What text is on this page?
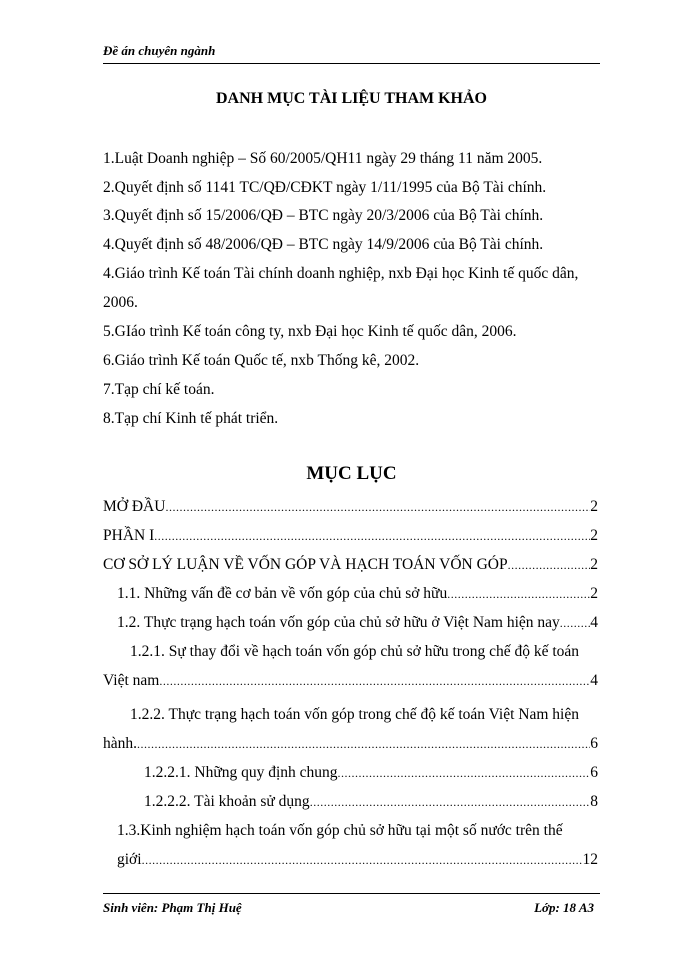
Đề án chuyên ngành
DANH MỤC TÀI LIỆU THAM KHẢO
1.Luật Doanh nghiệp – Số 60/2005/QH11 ngày 29 tháng 11 năm 2005.
2.Quyết định số 1141 TC/QĐ/CĐKT ngày 1/11/1995 của Bộ Tài chính.
3.Quyết định số 15/2006/QĐ – BTC ngày 20/3/2006 của Bộ Tài chính.
4.Quyết định số 48/2006/QĐ – BTC ngày 14/9/2006 của Bộ Tài chính.
4.Giáo trình Kế toán Tài chính doanh nghiệp, nxb Đại học Kinh tế quốc dân,
2006.
5.GIáo trình Kế toán công ty, nxb Đại học Kinh tế quốc dân, 2006.
6.Giáo trình Kế toán Quốc tế, nxb Thống kê, 2002.
7.Tạp chí kế toán.
8.Tạp chí Kinh tế phát triển.
MỤC LỤC
MỞ ĐẦU .....	2
PHẦN I .....	2
CƠ SỞ LÝ LUẬN VỀ VỐN GÓP VÀ HẠCH TOÁN VỐN GÓP .....	2
1.1. Những vấn đề cơ bản về vốn góp của chủ sở hữu .....	2
1.2. Thực trạng hạch toán vốn góp của chủ sở hữu ở Việt Nam hiện nay ..... 4
1.2.1. Sự thay đổi về hạch toán vốn góp chủ sở hữu trong chế độ kế toán
Việt nam .....	4
1.2.2. Thực trạng hạch toán vốn góp trong chế độ kế toán Việt Nam hiện
hành. .....	6
1.2.2.1. Những quy định chung .....	6
1.2.2.2. Tài khoản sử dụng .....	8
1.3.Kinh nghiệm hạch toán vốn góp chủ sở hữu tại một số nước trên thế
giới .....	12
Sinh viên: Phạm Thị Huệ	Lớp: 18 A3
